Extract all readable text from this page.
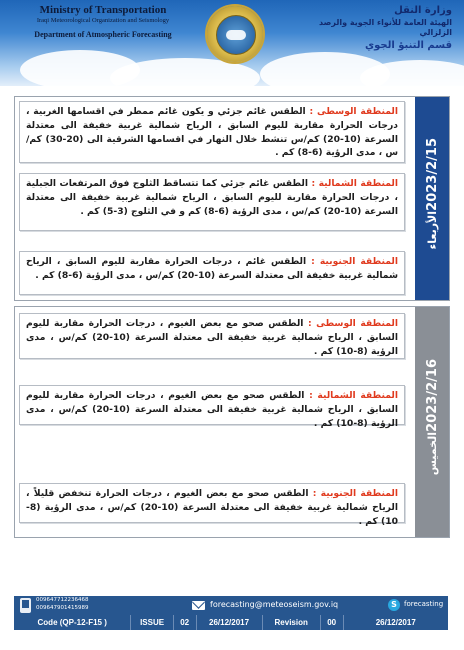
Ministry of Transportation
Iraqi Meteorological Organization and Seismology
Department of Atmospheric Forecasting
وزارة النقل
الهيئة العامة للأنواء الجوية والرصد الزلزالي
قسم التنبؤ الجوي
المنطقة الوسطى : الطقس غائم جزئي و يكون غائم ممطر في اقسامها الغربية ، درجات الحرارة مقاربة لليوم السابق ، الرياح شمالية غربية خفيفة الى معتدلة السرعة (10-20) كم/س تنشط خلال النهار في اقسامها الشرقية الى (20-30) كم/س ، مدى الرؤية (6-8) كم .
المنطقة الشمالية : الطقس غائم جزئي كما تتساقط الثلوج فوق المرتفعات الجبلية ، درجات الحرارة مقاربة لليوم السابق ، الرياح شمالية غربية خفيفة الى معتدلة السرعة (10-20) كم/س ، مدى الرؤية (6-8) كم و في الثلوج (3-5) كم .
المنطقة الجنوبية : الطقس غائم ، درجات الحرارة مقاربة لليوم السابق ، الرياح شمالية غربية خفيفة الى معتدلة السرعة (10-20) كم/س ، مدى الرؤية (6-8) كم .
2023/2/15
الأربعاء
المنطقة الوسطى : الطقس صحو مع بعض الغيوم ، درجات الحرارة مقاربة لليوم السابق ، الرياح شمالية غربية خفيفة الى معتدلة السرعة (10-20) كم/س ، مدى الرؤية (8-10) كم .
المنطقة الشمالية : الطقس صحو مع بعض الغيوم ، درجات الحرارة مقاربة لليوم السابق ، الرياح شمالية غربية خفيفة الى معتدلة السرعة (10-20) كم/س ، مدى الرؤية (8-10) كم .
المنطقة الجنوبية : الطقس صحو مع بعض الغيوم ، درجات الحرارة تنخفض قليلاً ، الرياح شمالية غربية خفيفة الى معتدلة السرعة (10-20) كم/س ، مدى الرؤية (8-10) كم .
2023/2/16
الخميس
009647712236468
009647901415989	forecasting@meteoseism.gov.iq	S	forecasting
Code (QP-12-F15 )	ISSUE	02	26/12/2017	Revision	00	26/12/2017
